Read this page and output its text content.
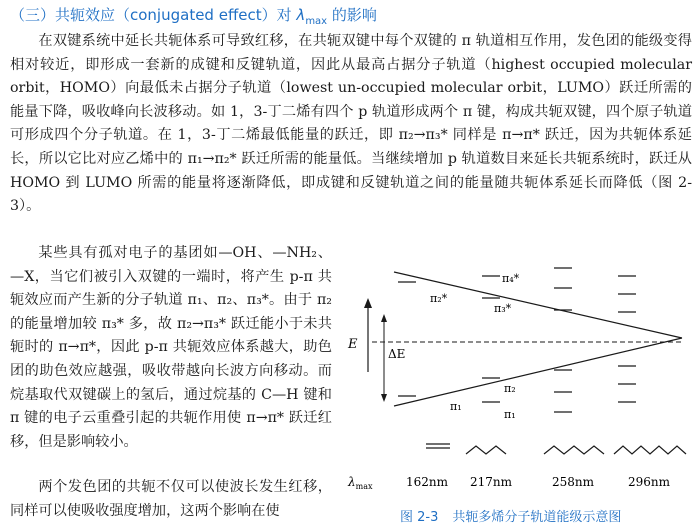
（三）共轭效应（conjugated effect）对 $\lambda_{max}$ 的影响

在双键系统中延长共轭体系可导致红移，在共轭双键中每个双键的 π 轨道相互作用，发色团的能级变得相对较近，即形成一套新的成键和反键轨道，因此从最高占据分子轨道（highest occupied molecular orbit，HOMO）向最低未占据分子轨道（lowest un-occupied molecular orbit，LUMO）跃迁所需的能量下降，吸收峰向长波移动。如 1，3-丁二烯有四个 p 轨道形成两个 π 键，构成共轭双键，四个原子轨道可形成四个分子轨道。在 1，3-丁二烯最低能量的跃迁，即 π₂→π₃* 同样是 π→π* 跃迁，因为共轭体系延长，所以它比对应乙烯中的 π₁→π₂* 跃迁所需的能量低。当继续增加 p 轨道数目来延长共轭系统时，跃迁从 HOMO 到 LUMO 所需的能量将逐渐降低，即成键和反键轨道之间的能量随共轭体系延长而降低（图 2-3）。

某些具有孤对电子的基团如—OH、—NH₂、—X，当它们被引入双键的一端时，将产生 p-π 共轭效应而产生新的分子轨道 π₁、π₂、π₃*。由于 π₂ 的能量增加较 π₃* 多，故 π₂→π₃* 跃迁能小于未共轭时的 π→π*，因此 p-π 共轭效应体系越大，助色团的助色效应越强，吸收带越向长波方向移动。而烷基取代双键碳上的氢后，通过烷基的 C—H 键和 π 键的电子云重叠引起的共轭作用使 π→π* 跃迁红移，但是影响较小。

两个发色团的共轭不仅可以使波长发生红移，同样可以使吸收强度增加，这两个影响在使

E
ΔE
π₄*
π₂*
π₃*
π₂
π₁
π₁
$\lambda_{max}$	162nm 217nm	258nm	296nm
图 2-3 共轭多烯分子轨道能级示意图
